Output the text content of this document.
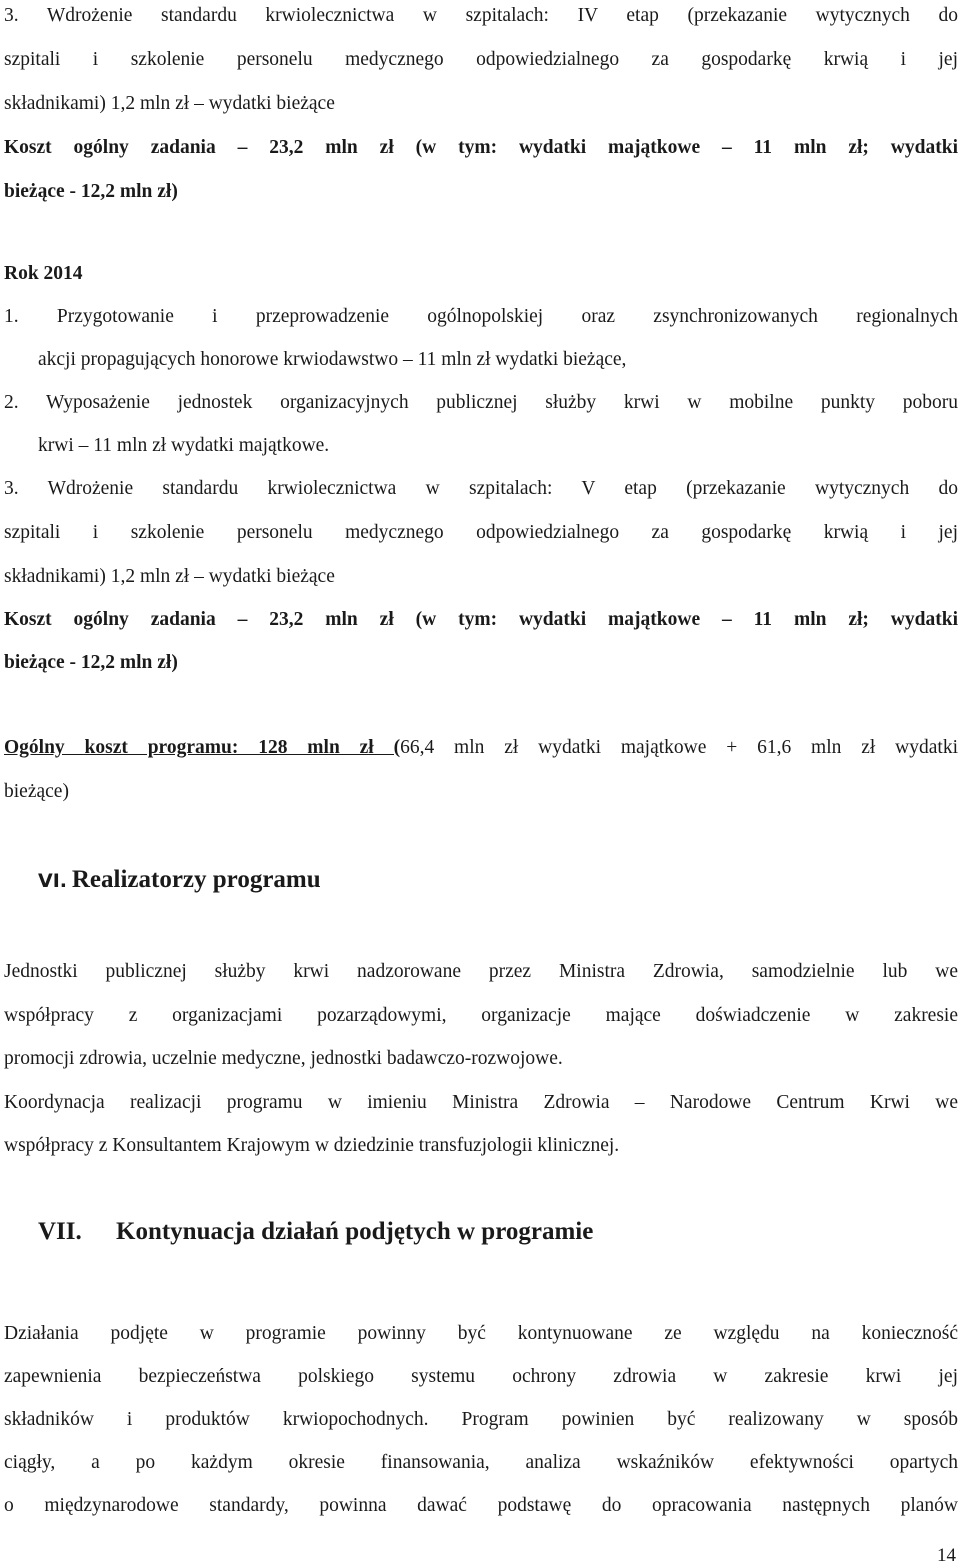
3. Wdrożenie standardu krwiolecznictwa w szpitalach: IV etap (przekazanie wytycznych do
szpitali i szkolenie personelu medycznego odpowiedzialnego za gospodarkę krwią i jej
składnikami) 1,2 mln zł – wydatki bieżące
Koszt ogólny zadania – 23,2 mln zł (w tym: wydatki majątkowe – 11 mln zł; wydatki
bieżące - 12,2 mln zł)
Rok 2014
1. Przygotowanie i przeprowadzenie ogólnopolskiej oraz zsynchronizowanych regionalnych
akcji propagujących honorowe krwiodawstwo – 11 mln zł wydatki bieżące,
2. Wyposażenie jednostek organizacyjnych publicznej służby krwi w mobilne punkty poboru
krwi – 11 mln zł wydatki majątkowe.
3. Wdrożenie standardu krwiolecznictwa w szpitalach: V etap (przekazanie wytycznych do
szpitali i szkolenie personelu medycznego odpowiedzialnego za gospodarkę krwią i jej
składnikami) 1,2 mln zł – wydatki bieżące
Koszt ogólny zadania – 23,2 mln zł (w tym: wydatki majątkowe – 11 mln zł; wydatki
bieżące - 12,2 mln zł)
Ogólny koszt programu: 128 mln zł (66,4 mln zł wydatki majątkowe + 61,6 mln zł wydatki
bieżące)
VI. Realizatorzy programu
Jednostki publicznej służby krwi nadzorowane przez Ministra Zdrowia, samodzielnie lub we
współpracy z organizacjami pozarządowymi, organizacje mające doświadczenie w zakresie
promocji zdrowia, uczelnie medyczne, jednostki badawczo-rozwojowe.
Koordynacja realizacji programu w imieniu Ministra Zdrowia – Narodowe Centrum Krwi we
współpracy z Konsultantem Krajowym w dziedzinie transfuzjologii klinicznej.
VII. Kontynuacja działań podjętych w programie
Działania podjęte w programie powinny być kontynuowane ze względu na konieczność
zapewnienia bezpieczeństwa polskiego systemu ochrony zdrowia w zakresie krwi jej
składników i produktów krwiopochodnych. Program powinien być realizowany w sposób
ciągły, a po każdym okresie finansowania, analiza wskaźników efektywności opartych
o międzynarodowe standardy, powinna dawać podstawę do opracowania następnych planów
14
